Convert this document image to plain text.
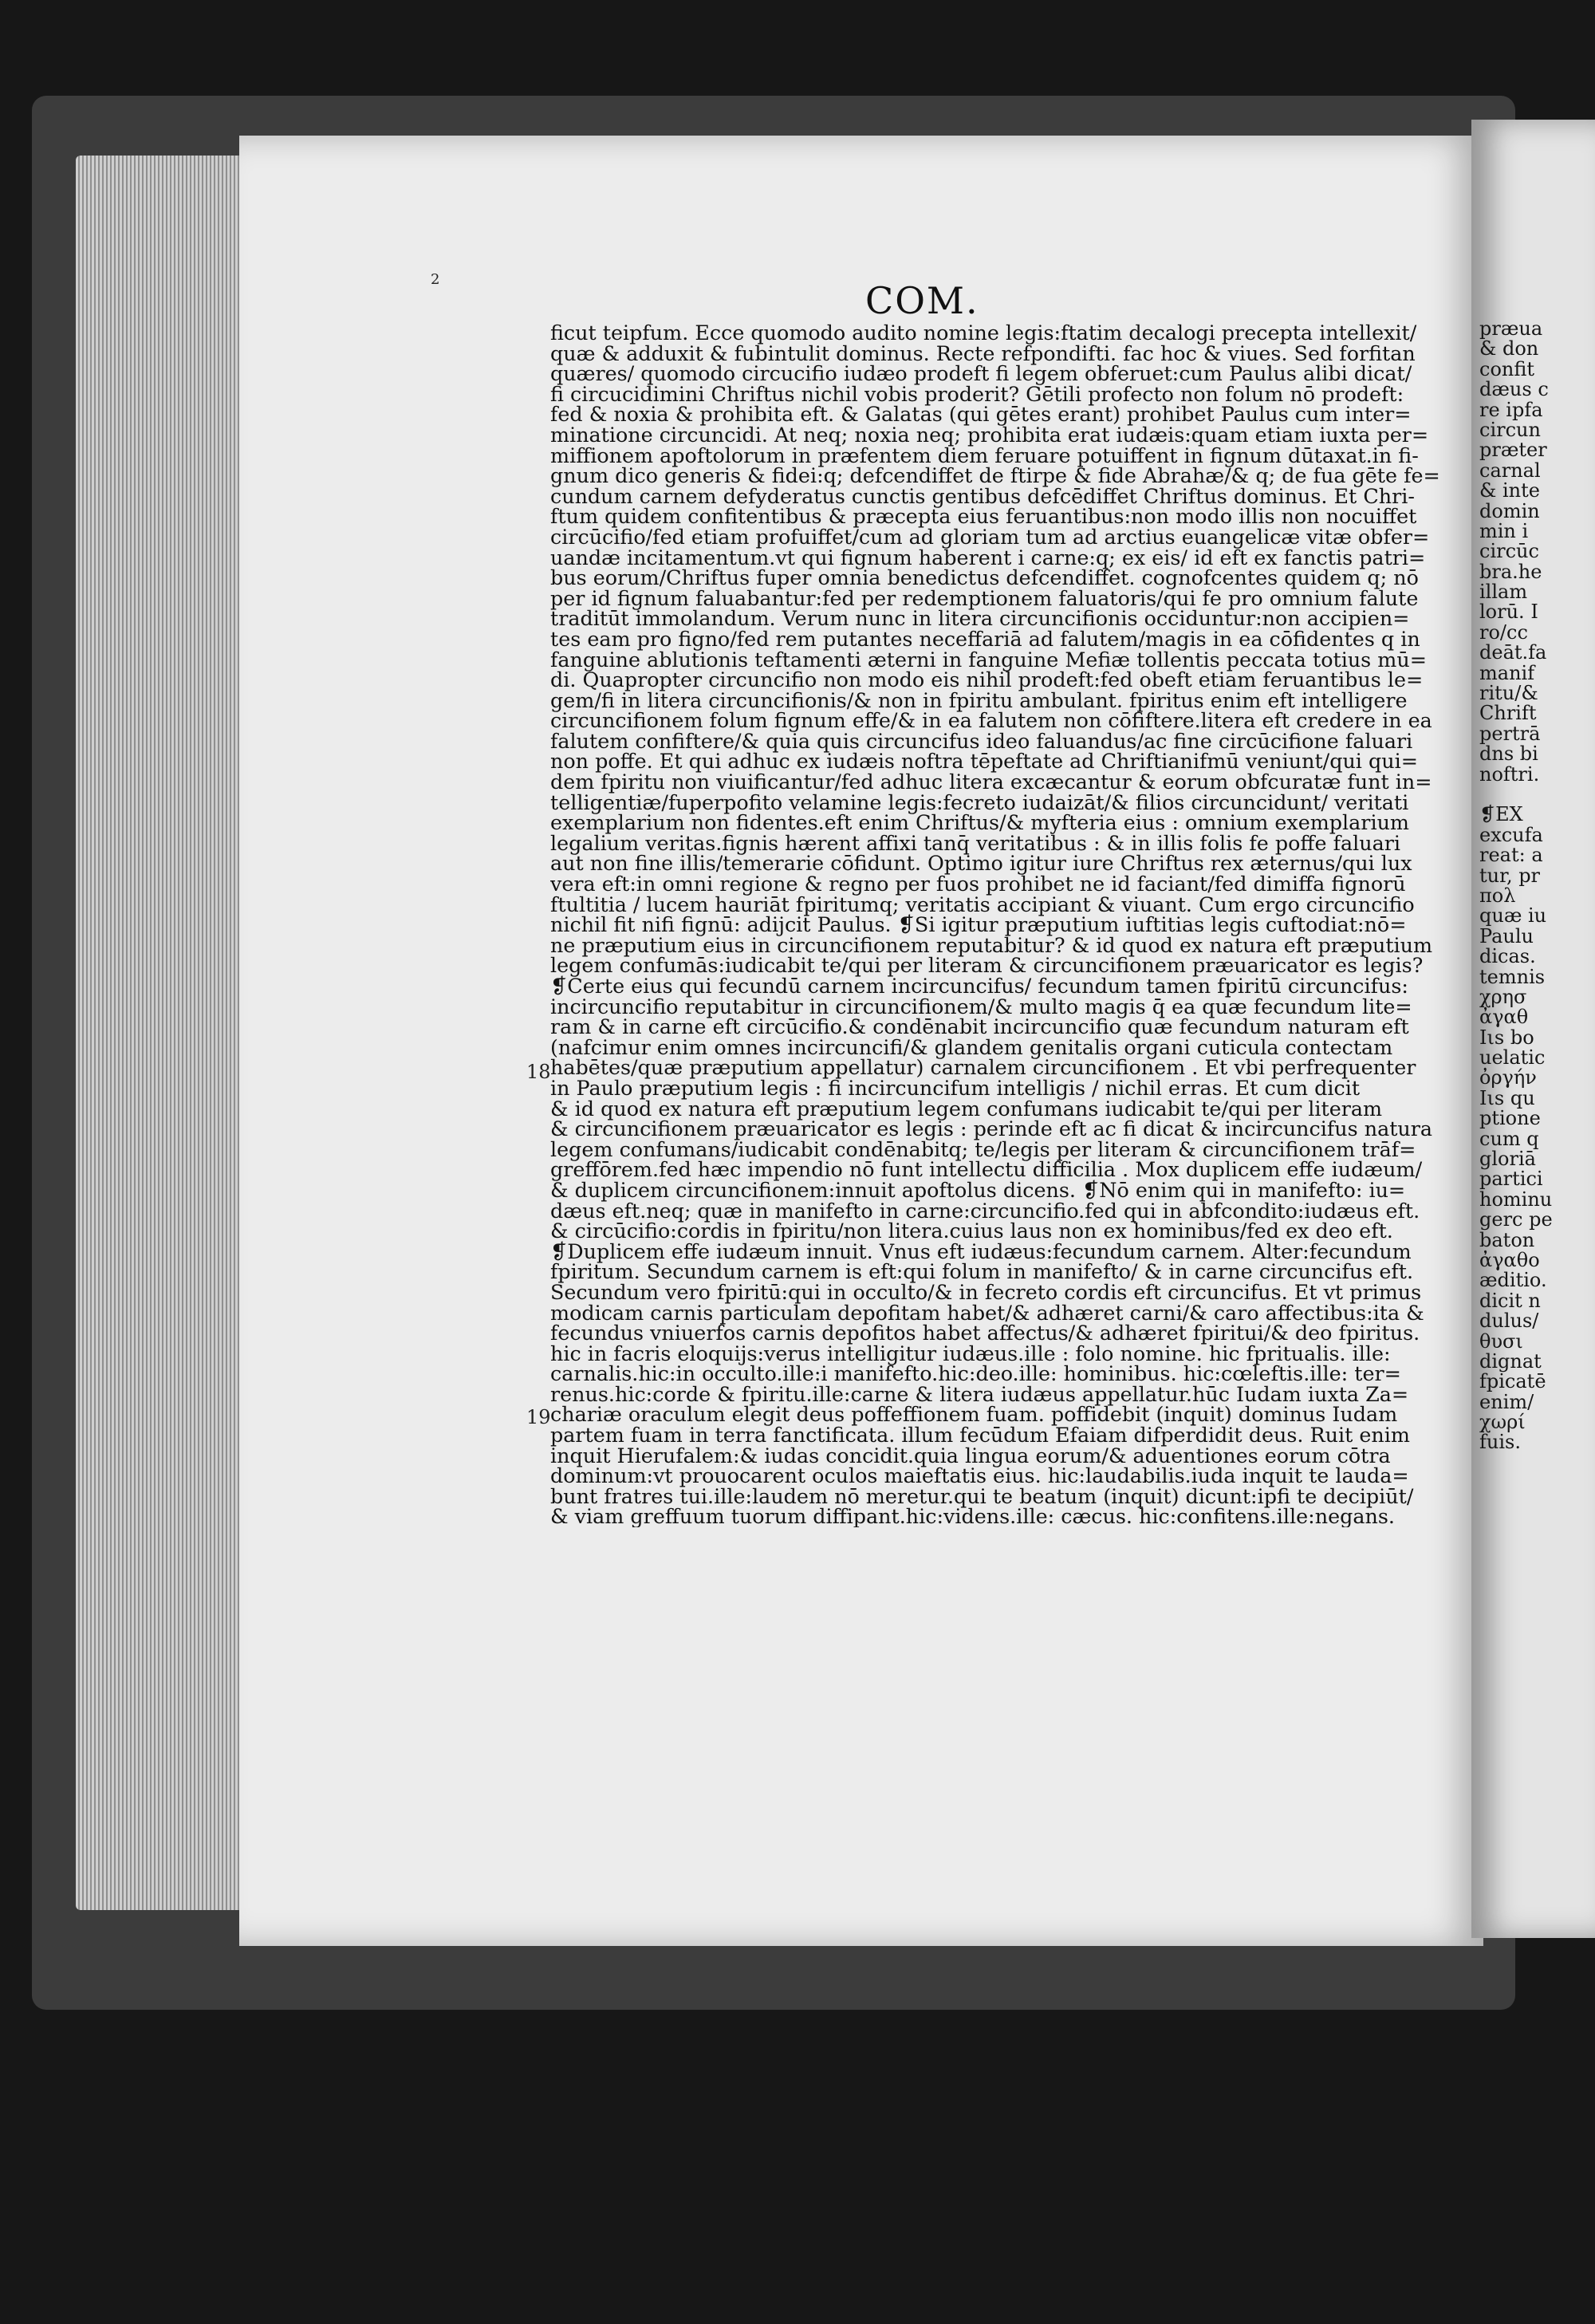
2	COM.
ficut teipfum. Ecce quomodo audito nomine legis:ftatim decalogi precepta intellexit/
quæ & adduxit & fubintulit dominus. Recte refpondifti. fac hoc & viues. Sed forfitan
quæres/ quomodo circucifio iudæo prodeft fi legem obferuet:cum Paulus alibi dicat/
fi circucidimini Chriftus nichil vobis proderit? Gētili profecto non folum nō prodeft:
fed & noxia & prohibita eft. & Galatas (qui gētes erant) prohibet Paulus cum inter=
minatione circuncidi. At neq; noxia neq; prohibita erat iudæis:quam etiam iuxta per=
miffionem apoftolorum in præfentem diem feruare potuiffent in fignum dūtaxat.in fi-
gnum dico generis & fidei:q; defcendiffet de ftirpe & fide Abrahæ/& q; de fua gēte fe=
cundum carnem defyderatus cunctis gentibus defcēdiffet Chriftus dominus. Et Chri-
ftum quidem confitentibus & præcepta eius feruantibus:non modo illis non nocuiffet
circūcifio/fed etiam profuiffet/cum ad gloriam tum ad arctius euangelicæ vitæ obfer=
uandæ incitamentum.vt qui fignum haberent i carne:q; ex eis/ id eft ex fanctis patri=
bus eorum/Chriftus fuper omnia benedictus defcendiffet. cognofcentes quidem q; nō
per id fignum faluabantur:fed per redemptionem faluatoris/qui fe pro omnium falute
traditūt immolandum. Verum nunc in litera circuncifionis occiduntur:non accipien=
tes eam pro figno/fed rem putantes neceffariā ad falutem/magis in ea cōfidentes q in
fanguine ablutionis teftamenti æterni in fanguine Mefiæ tollentis peccata totius mū=
di. Quapropter circuncifio non modo eis nihil prodeft:fed obeft etiam feruantibus le=
gem/fi in litera circuncifionis/& non in fpiritu ambulant. fpiritus enim eft intelligere
circuncifionem folum fignum effe/& in ea falutem non cōfiftere.litera eft credere in ea
falutem confiftere/& quia quis circuncifus ideo faluandus/ac fine circūcifione faluari
non poffe. Et qui adhuc ex iudæis noftra tēpeftate ad Chriftianifmū veniunt/qui qui=
dem fpiritu non viuificantur/fed adhuc litera excæcantur & eorum obfcuratæ funt in=
telligentiæ/fuperpofito velamine legis:fecreto iudaizāt/& filios circuncidunt/ veritati
exemplarium non fidentes.eft enim Chriftus/& myfteria eius : omnium exemplarium
legalium veritas.fignis hærent affixi tanq̄ veritatibus : & in illis folis fe poffe faluari
aut non fine illis/temerarie cōfidunt. Optimo igitur iure Chriftus rex æternus/qui lux
vera eft:in omni regione & regno per fuos prohibet ne id faciant/fed dimiffa fignorū
ftultitia / lucem hauriāt fpiritumq; veritatis accipiant & viuant. Cum ergo circuncifio
nichil fit nifi fignū: adijcit Paulus. ❡Si igitur præputium iuftitias legis cuftodiat:nō=
ne præputium eius in circuncifionem reputabitur? & id quod ex natura eft præputium
legem confumās:iudicabit te/qui per literam & circuncifionem præuaricator es legis?
❡Certe eius qui fecundū carnem incircuncifus/ fecundum tamen fpiritū circuncifus:
incircuncifio reputabitur in circuncifionem/& multo magis q̄ ea quæ fecundum lite=
ram & in carne eft circūcifio.& condēnabit incircuncifio quæ fecundum naturam eft
(nafcimur enim omnes incircuncifi/& glandem genitalis organi cuticula contectam
habētes/quæ præputium appellatur) carnalem circuncifionem . Et vbi perfrequenter
in Paulo præputium legis : fi incircuncifum intelligis / nichil erras. Et cum dicit
& id quod ex natura eft præputium legem confumans iudicabit te/qui per literam
& circuncifionem præuaricator es legis : perinde eft ac fi dicat & incircuncifus natura
legem confumans/iudicabit condēnabitq; te/legis per literam & circuncifionem trāf=
greffōrem.fed hæc impendio nō funt intellectu difficilia . Mox duplicem effe iudæum/
& duplicem circuncifionem:innuit apoftolus dicens. ❡Nō enim qui in manifefto: iu=
dæus eft.neq; quæ in manifefto in carne:circuncifio.fed qui in abfcondito:iudæus eft.
& circūcifio:cordis in fpiritu/non litera.cuius laus non ex hominibus/fed ex deo eft.
❡Duplicem effe iudæum innuit. Vnus eft iudæus:fecundum carnem. Alter:fecundum
fpiritum. Secundum carnem is eft:qui folum in manifefto/ & in carne circuncifus eft.
Secundum vero fpiritū:qui in occulto/& in fecreto cordis eft circuncifus. Et vt primus
modicam carnis particulam depofitam habet/& adhæret carni/& caro affectibus:ita &
fecundus vniuerfos carnis depofitos habet affectus/& adhæret fpiritui/& deo fpiritus.
hic in facris eloquijs:verus intelligitur iudæus.ille : folo nomine. hic fpritualis. ille:
carnalis.hic:in occulto.ille:i manifefto.hic:deo.ille: hominibus. hic:cœleftis.ille: ter=
renus.hic:corde & fpiritu.ille:carne & litera iudæus appellatur.hūc Iudam iuxta Za=
chariæ oraculum elegit deus poffeffionem fuam. poffidebit (inquit) dominus Iudam
partem fuam in terra fanctificata. illum fecūdum Efaiam difperdidit deus. Ruit enim
inquit Hierufalem:& iudas concidit.quia lingua eorum/& aduentiones eorum cōtra
dominum:vt prouocarent oculos maieftatis eius. hic:laudabilis.iuda inquit te lauda=
bunt fratres tui.ille:laudem nō meretur.qui te beatum (inquit) dicunt:ipfi te decipiūt/
& viam greffuum tuorum diffipant.hic:videns.ille: cæcus. hic:confitens.ille:negans.
18
19
præua
& don
confit
dæus c
re ipfa
circun
præter
carnal
& inte
domin
min i
circūc
bra.he
illam
lorū. I
ro/cc
deāt.fa
manif
ritu/&
Chrift
pertrā
dns bi
noftri.
❡EX
excufa
reat: a
tur, pr
πολ
quæ iu
Paulu
dicas.
temnis
χρησ
ἀγαθ
Iιs bo
uelatic
ὀργήν
Iιs qu
ptione
cum q
gloriā
partici
hominu
gerc pe
baton
ἀγαθο
æditio.
dicit n
dulus/
θυσι
dignat
fpicatē
enim/
χωρί
fuis.
